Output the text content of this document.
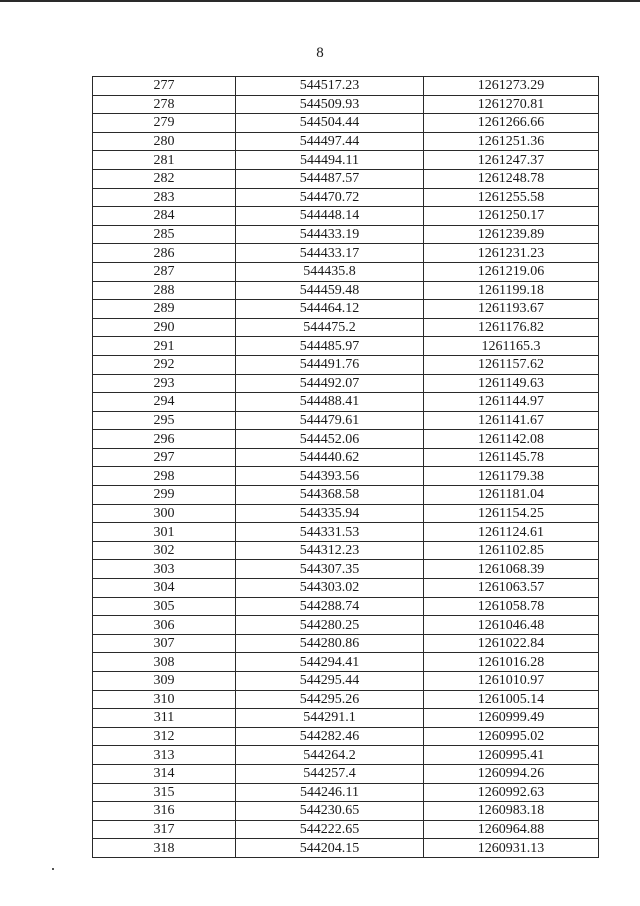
8
277	544517.23	1261273.29
278	544509.93	1261270.81
279	544504.44	1261266.66
280	544497.44	1261251.36
281	544494.11	1261247.37
282	544487.57	1261248.78
283	544470.72	1261255.58
284	544448.14	1261250.17
285	544433.19	1261239.89
286	544433.17	1261231.23
287	544435.8	1261219.06
288	544459.48	1261199.18
289	544464.12	1261193.67
290	544475.2	1261176.82
291	544485.97	1261165.3
292	544491.76	1261157.62
293	544492.07	1261149.63
294	544488.41	1261144.97
295	544479.61	1261141.67
296	544452.06	1261142.08
297	544440.62	1261145.78
298	544393.56	1261179.38
299	544368.58	1261181.04
300	544335.94	1261154.25
301	544331.53	1261124.61
302	544312.23	1261102.85
303	544307.35	1261068.39
304	544303.02	1261063.57
305	544288.74	1261058.78
306	544280.25	1261046.48
307	544280.86	1261022.84
308	544294.41	1261016.28
309	544295.44	1261010.97
310	544295.26	1261005.14
311	544291.1	1260999.49
312	544282.46	1260995.02
313	544264.2	1260995.41
314	544257.4	1260994.26
315	544246.11	1260992.63
316	544230.65	1260983.18
317	544222.65	1260964.88
318	544204.15	1260931.13
